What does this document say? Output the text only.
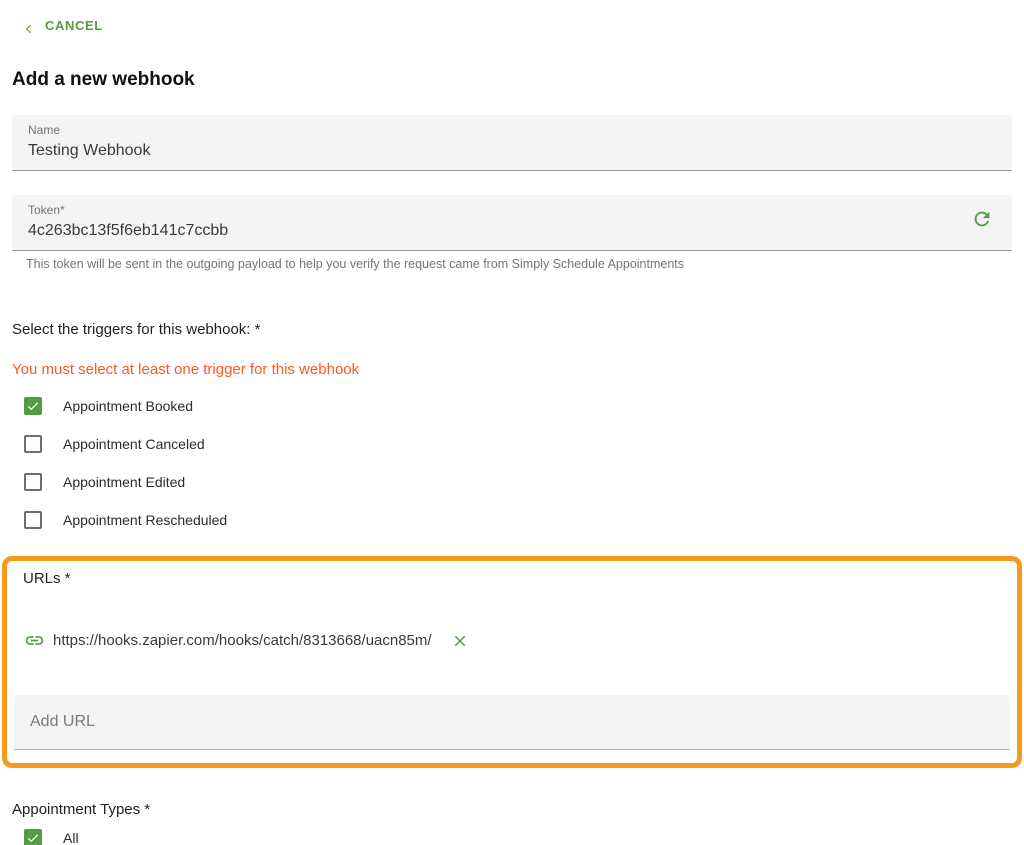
CANCEL
Add a new webhook
Name
Testing Webhook
Token*
4c263bc13f5f6eb141c7ccbb
This token will be sent in the outgoing payload to help you verify the request came from Simply Schedule Appointments
Select the triggers for this webhook: *
You must select at least one trigger for this webhook
Appointment Booked
Appointment Canceled
Appointment Edited
Appointment Rescheduled
URLs *
https://hooks.zapier.com/hooks/catch/8313668/uacn85m/
Add URL
Appointment Types *
All
